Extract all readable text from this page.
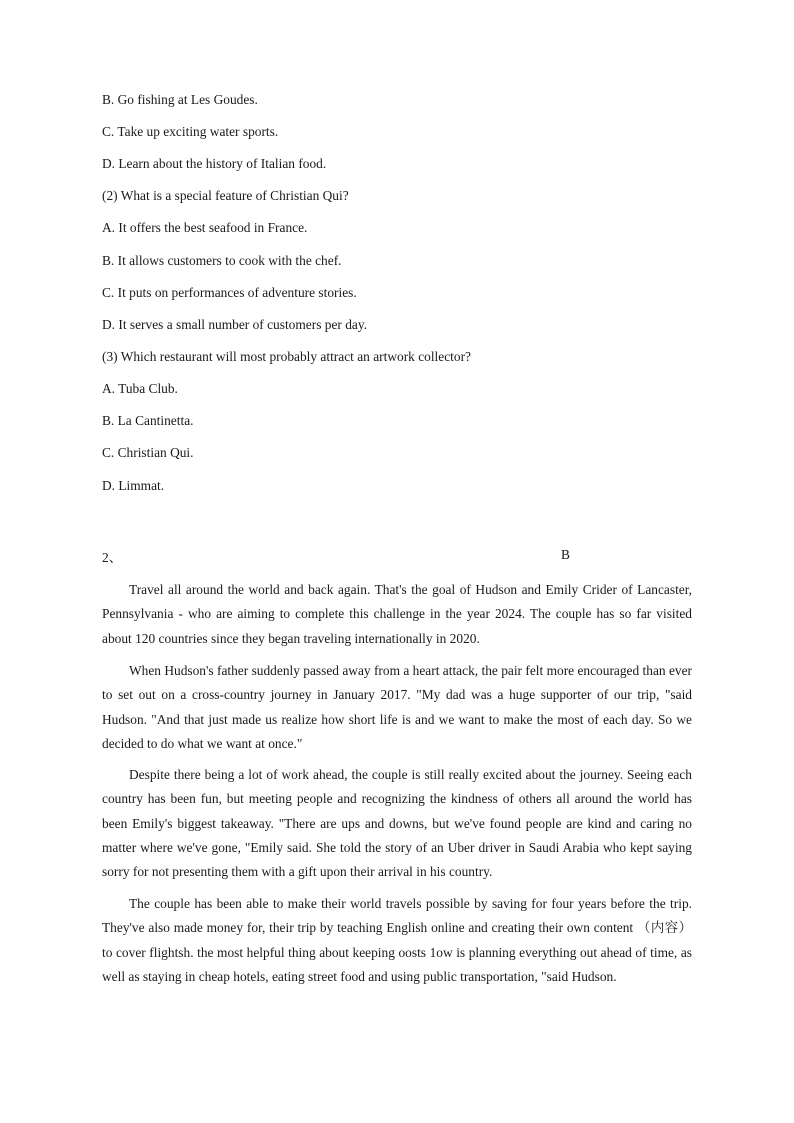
B. Go fishing at Les Goudes.
C. Take up exciting water sports.
D. Learn about the history of Italian food.
(2) What is a special feature of Christian Qui?
A. It offers the best seafood in France.
B. It allows customers to cook with the chef.
C. It puts on performances of adventure stories.
D. It serves a small number of customers per day.
(3) Which restaurant will most probably attract an artwork collector?
A. Tuba Club.
B. La Cantinetta.
C. Christian Qui.
D. Limmat.
2、	B

Travel all around the world and back again. That's the goal of Hudson and Emily Crider of Lancaster, Pennsylvania - who are aiming to complete this challenge in the year 2024. The couple has so far visited about 120 countries since they began traveling internationally in 2020.

When Hudson's father suddenly passed away from a heart attack, the pair felt more encouraged than ever to set out on a cross-country journey in January 2017. "My dad was a huge supporter of our trip, "said Hudson. "And that just made us realize how short life is and we want to make the most of each day. So we decided to do what we want at once."

Despite there being a lot of work ahead, the couple is still really excited about the journey. Seeing each country has been fun, but meeting people and recognizing the kindness of others all around the world has been Emily's biggest takeaway. "There are ups and downs, but we've found people are kind and caring no matter where we've gone, "Emily said. She told the story of an Uber driver in Saudi Arabia who kept saying sorry for not presenting them with a gift upon their arrival in his country.

The couple has been able to make their world travels possible by saving for four years before the trip. They've also made money for, their trip by teaching English online and creating their own content （内容） to cover flightsh. the most helpful thing about keeping oosts 1ow is planning everything out ahead of time, as well as staying in cheap hotels, eating street food and using public transportation, "said Hudson.
